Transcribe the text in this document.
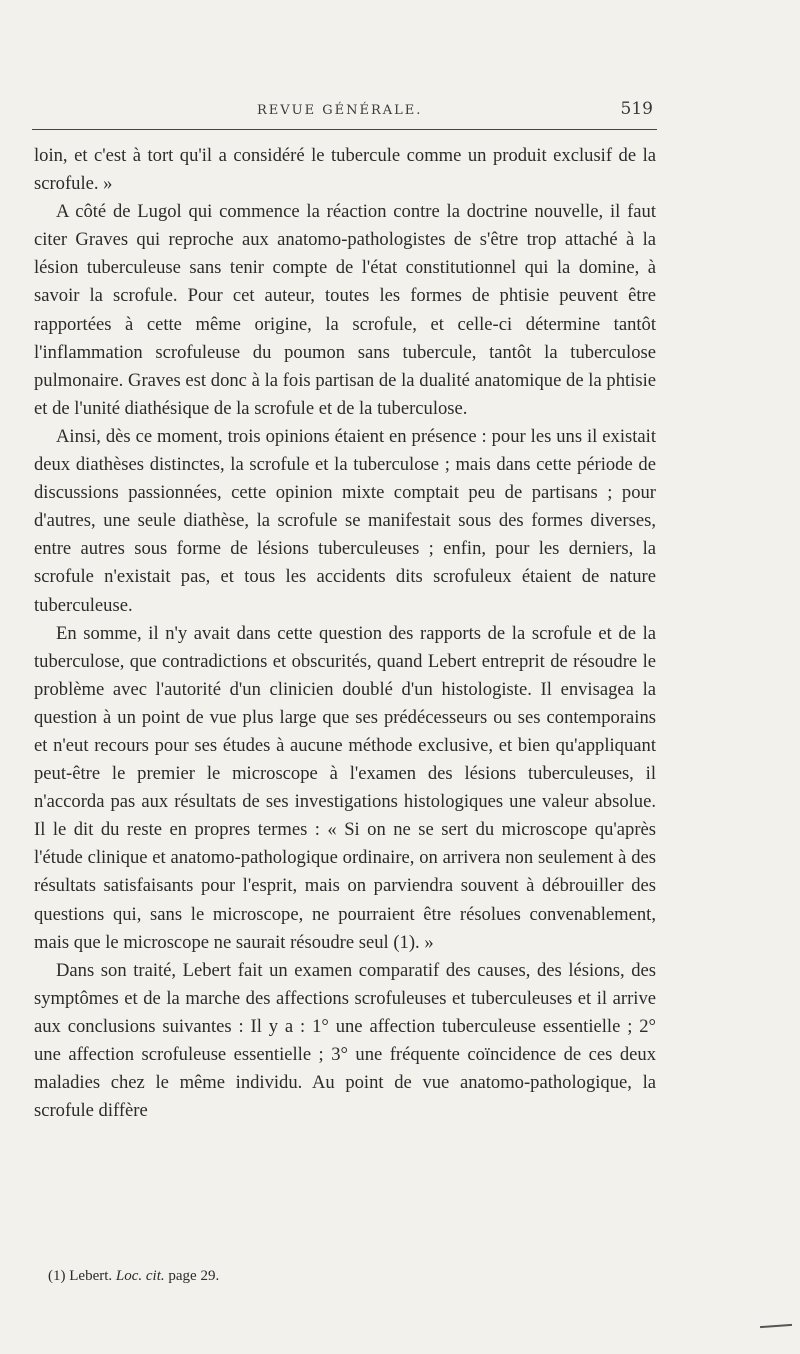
REVUE GÉNÉRALE.	519

loin, et c'est à tort qu'il a considéré le tubercule comme un produit exclusif de la scrofule. »

A côté de Lugol qui commence la réaction contre la doctrine nouvelle, il faut citer Graves qui reproche aux anatomo-pathologistes de s'être trop attaché à la lésion tuberculeuse sans tenir compte de l'état constitutionnel qui la domine, à savoir la scrofule. Pour cet auteur, toutes les formes de phtisie peuvent être rapportées à cette même origine, la scrofule, et celle-ci détermine tantôt l'inflammation scrofuleuse du poumon sans tubercule, tantôt la tuberculose pulmonaire. Graves est donc à la fois partisan de la dualité anatomique de la phtisie et de l'unité diathésique de la scrofule et de la tuberculose.

Ainsi, dès ce moment, trois opinions étaient en présence : pour les uns il existait deux diathèses distinctes, la scrofule et la tuberculose ; mais dans cette période de discussions passionnées, cette opinion mixte comptait peu de partisans ; pour d'autres, une seule diathèse, la scrofule se manifestait sous des formes diverses, entre autres sous forme de lésions tuberculeuses ; enfin, pour les derniers, la scrofule n'existait pas, et tous les accidents dits scrofuleux étaient de nature tuberculeuse.

En somme, il n'y avait dans cette question des rapports de la scrofule et de la tuberculose, que contradictions et obscurités, quand Lebert entreprit de résoudre le problème avec l'autorité d'un clinicien doublé d'un histologiste. Il envisagea la question à un point de vue plus large que ses prédécesseurs ou ses contemporains et n'eut recours pour ses études à aucune méthode exclusive, et bien qu'appliquant peut-être le premier le microscope à l'examen des lésions tuberculeuses, il n'accorda pas aux résultats de ses investigations histologiques une valeur absolue. Il le dit du reste en propres termes : « Si on ne se sert du microscope qu'après l'étude clinique et anatomo-pathologique ordinaire, on arrivera non seulement à des résultats satisfaisants pour l'esprit, mais on parviendra souvent à débrouiller des questions qui, sans le microscope, ne pourraient être résolues convenablement, mais que le microscope ne saurait résoudre seul (1). »

Dans son traité, Lebert fait un examen comparatif des causes, des lésions, des symptômes et de la marche des affections scrofuleuses et tuberculeuses et il arrive aux conclusions suivantes : Il y a : 1° une affection tuberculeuse essentielle ; 2° une affection scrofuleuse essentielle ; 3° une fréquente coïncidence de ces deux maladies chez le même individu. Au point de vue anatomo-pathologique, la scrofule diffère

(1) Lebert. Loc. cit. page 29.
